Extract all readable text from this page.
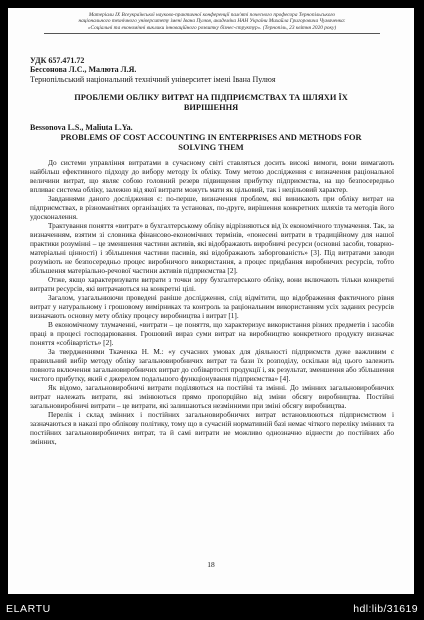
Матеріали ІХ Всеукраїнської науково-практичної конференції пам'яті почесного професора Тернопільського
національного технічного університету імені Івана Пулюя, академіка НАН України Михайла Григоровича Чумаченка:
«Соціальні та економічні виклики інноваційного розвитку бізнес-структур». (Тернопіль, 23 квітня 2020 року)
УДК 657.471.72
Бессонова Л.С., Малюта Л.Я.
Тернопільський національний технічний університет імені Івана Пулюя
ПРОБЛЕМИ ОБЛІКУ ВИТРАТ НА ПІДПРИЄМСТВАХ ТА ШЛЯХИ ЇХ ВИРІШЕННЯ
Bessonova L.S., Maliuta L.Ya.
PROBLEMS OF COST ACCOUNTING IN ENTERPRISES AND METHODS FOR SOLVING THEM

До системи управління витратами в сучасному світі ставляться досить високі вимоги, вони вимагають найбільш ефективного підходу до вибору методу їх обліку. Тому метою дослідження є визначення раціональної величини витрат, що являє собою головний резерв підвищення прибутку підприємства, на що безпосередньо впливає система обліку, залежно від якої витрати можуть мати як цільовий, так і нецільовий характер.

Завданнями даного дослідження є: по-перше, визначення проблем, які виникають при обліку витрат на підприємствах, в різноманітних організаціях та установах, по-друге, вирішення конкретних шляхів та методів його удосконалення.

Трактування поняття «витрат» в бухгалтерському обліку відрізняються від їх економічного тлумачення. Так, за визначенням, взятим зі словника фінансово-економічних термінів, «понесені витрати в традиційному для нашої практики розумінні – це зменшення частини активів, які відображають виробничі ресурси (основні засоби, товарно-матеріальні цінності) і збільшення частини пасивів, які відображають заборгованість» [3]. Під витратами заводи розуміють не безпосередньо процес виробничого використання, а процес придбання виробничих ресурсів, тобто збільшення матеріально-речової частини активів підприємства [2].

Отже, якщо характеризувати витрати з точки зору бухгалтерського обліку, вони включають тільки конкретні витрати ресурсів, які витрачаються на конкретні цілі.

Загалом, узагальнюючи проведені раніше дослідження, слід відмітити, що відображення фактичного рівня витрат у натуральному і грошовому вимірниках та контроль за раціональним використанням усіх заданих ресурсів визначають основну мету обліку процесу виробництва і витрат [1].

В економічному тлумаченні, «витрати – це поняття, що характеризує використання різних предметів і засобів праці в процесі господарювання. Грошовий вираз суми витрат на виробництво конкретного продукту визначає поняття «собівартість» [2].

За твердженнями Ткаченка Н. М.: «у сучасних умовах для діяльності підприємств дуже важливим є правильний вибір методу обліку загальновиробничих витрат та бази їх розподілу, оскільки від цього залежить повнота включення загальновиробничих витрат до собівартості продукції і, як результат, зменшення або збільшення чистого прибутку, який є джерелом подальшого функціонування підприємства» [4].

Як відомо, загальновиробничі витрати поділяються на постійні та змінні. До змінних загальновиробничих витрат належать витрати, які змінюються прямо пропорційно від зміни обсягу виробництва. Постійні загальновиробничі витрати – це витрати, які залишаються незмінними при зміні обсягу виробництва.

Перелік і склад змінних і постійних загальновиробничих витрат встановлюються підприємством і зазначаються в наказі про облікову політику, тому що в сучасній нормативній базі немає чіткого переліку змінних та постійних загальновиробничих витрат, та й самі витрати не можливо однозначно віднести до постійних або змінних,

18
ELARTU	hdl:lib/31619
